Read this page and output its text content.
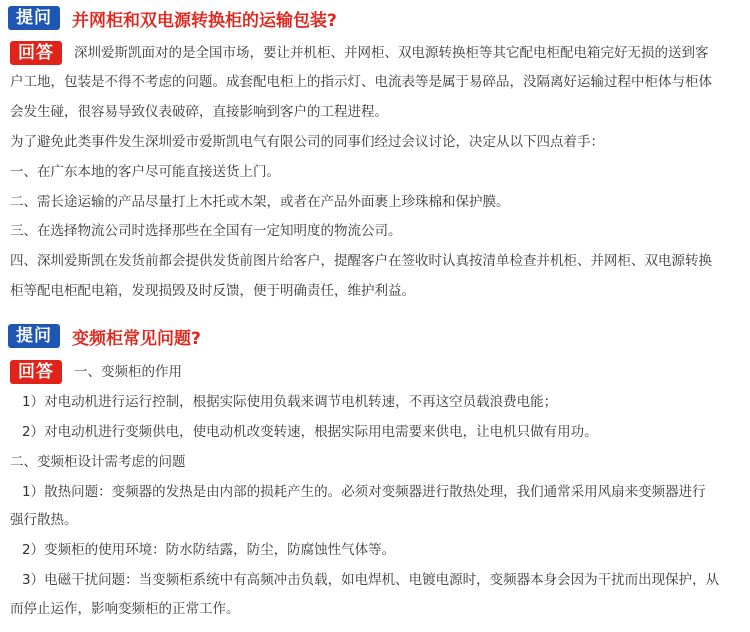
提问	并网柜和双电源转换柜的运输包装?
回答	深圳爱斯凯面对的是全国市场，要让并机柜、并网柜、双电源转换柜等其它配电柜配电箱完好无损的送到客
户工地，包装是不得不考虑的问题。成套配电柜上的指示灯、电流表等是属于易碎品，没隔离好运输过程中柜体与柜体
会发生碰，很容易导致仪表破碎，直接影响到客户的工程进程。
为了避免此类事件发生深圳爱市爱斯凯电气有限公司的同事们经过会议讨论，决定从以下四点着手：
一、在广东本地的客户尽可能直接送货上门。
二、需长途运输的产品尽量打上木托或木架，或者在产品外面裹上珍珠棉和保护膜。
三、在选择物流公司时选择那些在全国有一定知明度的物流公司。
四、深圳爱斯凯在发货前都会提供发货前图片给客户，提醒客户在签收时认真按清单检查并机柜、并网柜、双电源转换
柜等配电柜配电箱，发现损毁及时反馈，便于明确责任，维护利益。
提问	变频柜常见问题?
回答	一、变频柜的作用
1）对电动机进行运行控制，根据实际使用负载来调节电机转速，不再这空员载浪费电能；
2）对电动机进行变频供电，使电动机改变转速，根据实际用电需要来供电，让电机只做有用功。
二、变频柜设计需考虑的问题
1）散热问题：变频器的发热是由内部的损耗产生的。必须对变频器进行散热处理，我们通常采用风扇来变频器进行
强行散热。
2）变频柜的使用环境：防水防结露，防尘，防腐蚀性气体等。
3）电磁干扰问题：当变频柜系统中有高频冲击负载，如电焊机、电镀电源时，变频器本身会因为干扰而出现保护，从
而停止运作，影响变频柜的正常工作。
